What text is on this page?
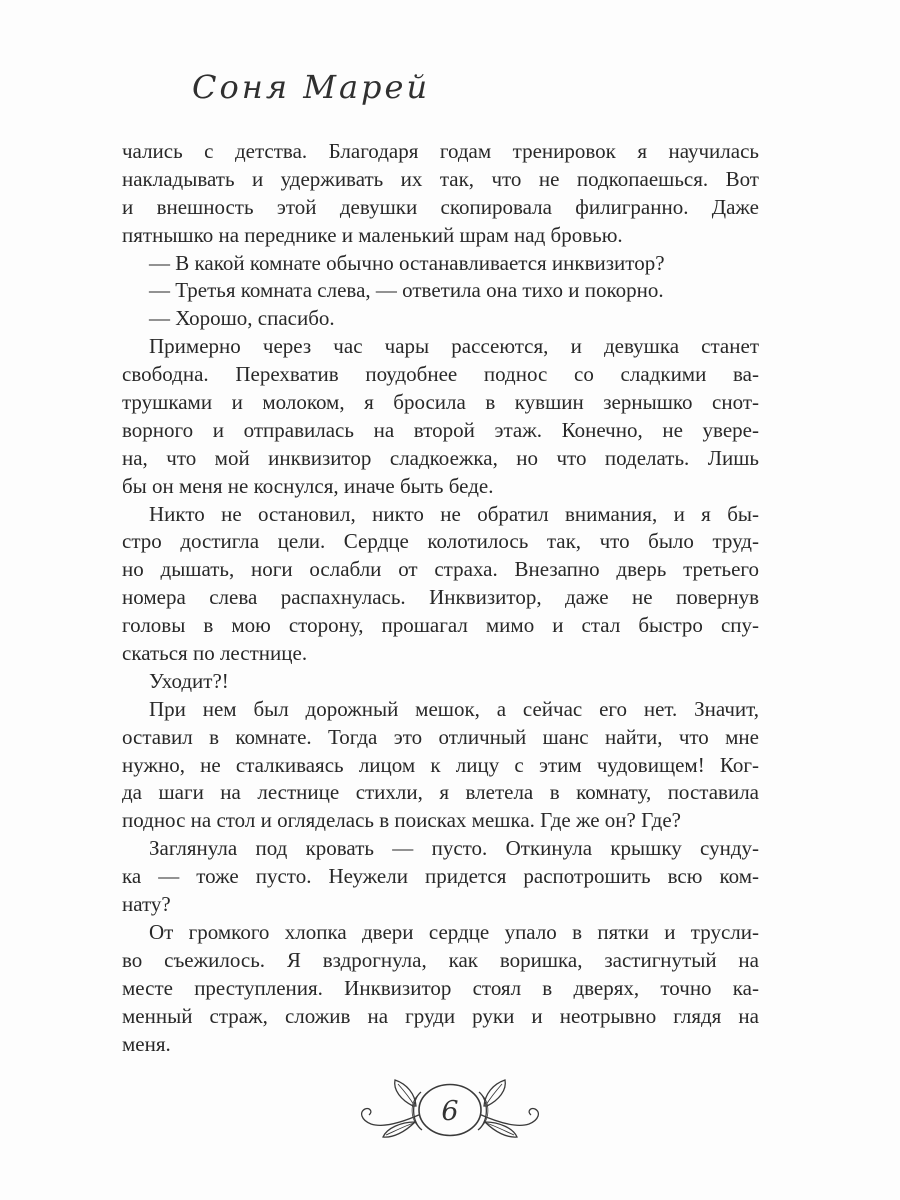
Соня Марей
чались с детства. Благодаря годам тренировок я научилась
накладывать и удерживать их так, что не подкопаешься. Вот
и внешность этой девушки скопировала филигранно. Даже
пятнышко на переднике и маленький шрам над бровью.
— В какой комнате обычно останавливается инквизитор?
— Третья комната слева, — ответила она тихо и покорно.
— Хорошо, спасибо.
Примерно через час чары рассеются, и девушка станет
свободна. Перехватив поудобнее поднос со сладкими ва-
трушками и молоком, я бросила в кувшин зернышко снот-
ворного и отправилась на второй этаж. Конечно, не увере-
на, что мой инквизитор сладкоежка, но что поделать. Лишь
бы он меня не коснулся, иначе быть беде.
Никто не остановил, никто не обратил внимания, и я бы-
стро достигла цели. Сердце колотилось так, что было труд-
но дышать, ноги ослабли от страха. Внезапно дверь третьего
номера слева распахнулась. Инквизитор, даже не повернув
головы в мою сторону, прошагал мимо и стал быстро спу-
скаться по лестнице.
Уходит?!
При нем был дорожный мешок, а сейчас его нет. Значит,
оставил в комнате. Тогда это отличный шанс найти, что мне
нужно, не сталкиваясь лицом к лицу с этим чудовищем! Ког-
да шаги на лестнице стихли, я влетела в комнату, поставила
поднос на стол и огляделась в поисках мешка. Где же он? Где?
Заглянула под кровать — пусто. Откинула крышку сунду-
ка — тоже пусто. Неужели придется распотрошить всю ком-
нату?
От громкого хлопка двери сердце упало в пятки и трусли-
во съежилось. Я вздрогнула, как воришка, застигнутый на
месте преступления. Инквизитор стоял в дверях, точно ка-
менный страж, сложив на груди руки и неотрывно глядя на
меня.
6
